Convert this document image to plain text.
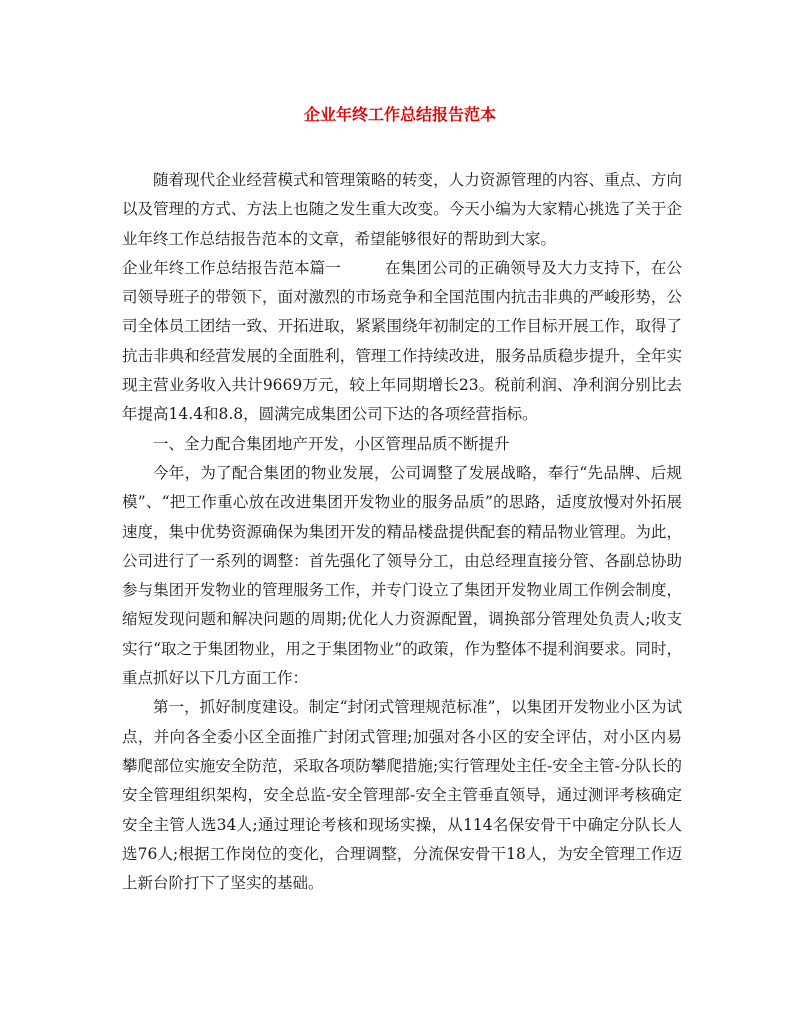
企业年终工作总结报告范本

随着现代企业经营模式和管理策略的转变，人力资源管理的内容、重点、方向以及管理的方式、方法上也随之发生重大改变。今天小编为大家精心挑选了关于企业年终工作总结报告范本的文章，希望能够很好的帮助到大家。

企业年终工作总结报告范本篇一	在集团公司的正确领导及大力支持下，在公司领导班子的带领下，面对激烈的市场竞争和全国范围内抗击非典的严峻形势，公司全体员工团结一致、开拓进取，紧紧围绕年初制定的工作目标开展工作，取得了抗击非典和经营发展的全面胜利，管理工作持续改进，服务品质稳步提升，全年实现主营业务收入共计9669万元，较上年同期增长23。税前利润、净利润分别比去年提高14.4和8.8，圆满完成集团公司下达的各项经营指标。

一、全力配合集团地产开发，小区管理品质不断提升

今年，为了配合集团的物业发展，公司调整了发展战略，奉行“先品牌、后规模”、“把工作重心放在改进集团开发物业的服务品质”的思路，适度放慢对外拓展速度，集中优势资源确保为集团开发的精品楼盘提供配套的精品物业管理。为此，公司进行了一系列的调整：首先强化了领导分工，由总经理直接分管、各副总协助参与集团开发物业的管理服务工作，并专门设立了集团开发物业周工作例会制度，缩短发现问题和解决问题的周期;优化人力资源配置，调换部分管理处负责人;收支实行“取之于集团物业，用之于集团物业”的政策，作为整体不提利润要求。同时，重点抓好以下几方面工作：

第一，抓好制度建设。制定“封闭式管理规范标准”，以集团开发物业小区为试点，并向各全委小区全面推广封闭式管理;加强对各小区的安全评估，对小区内易攀爬部位实施安全防范，采取各项防攀爬措施;实行管理处主任-安全主管-分队长的安全管理组织架构，安全总监-安全管理部-安全主管垂直领导，通过测评考核确定安全主管人选34人;通过理论考核和现场实操，从114名保安骨干中确定分队长人选76人;根据工作岗位的变化，合理调整，分流保安骨干18人，为安全管理工作迈上新台阶打下了坚实的基础。
